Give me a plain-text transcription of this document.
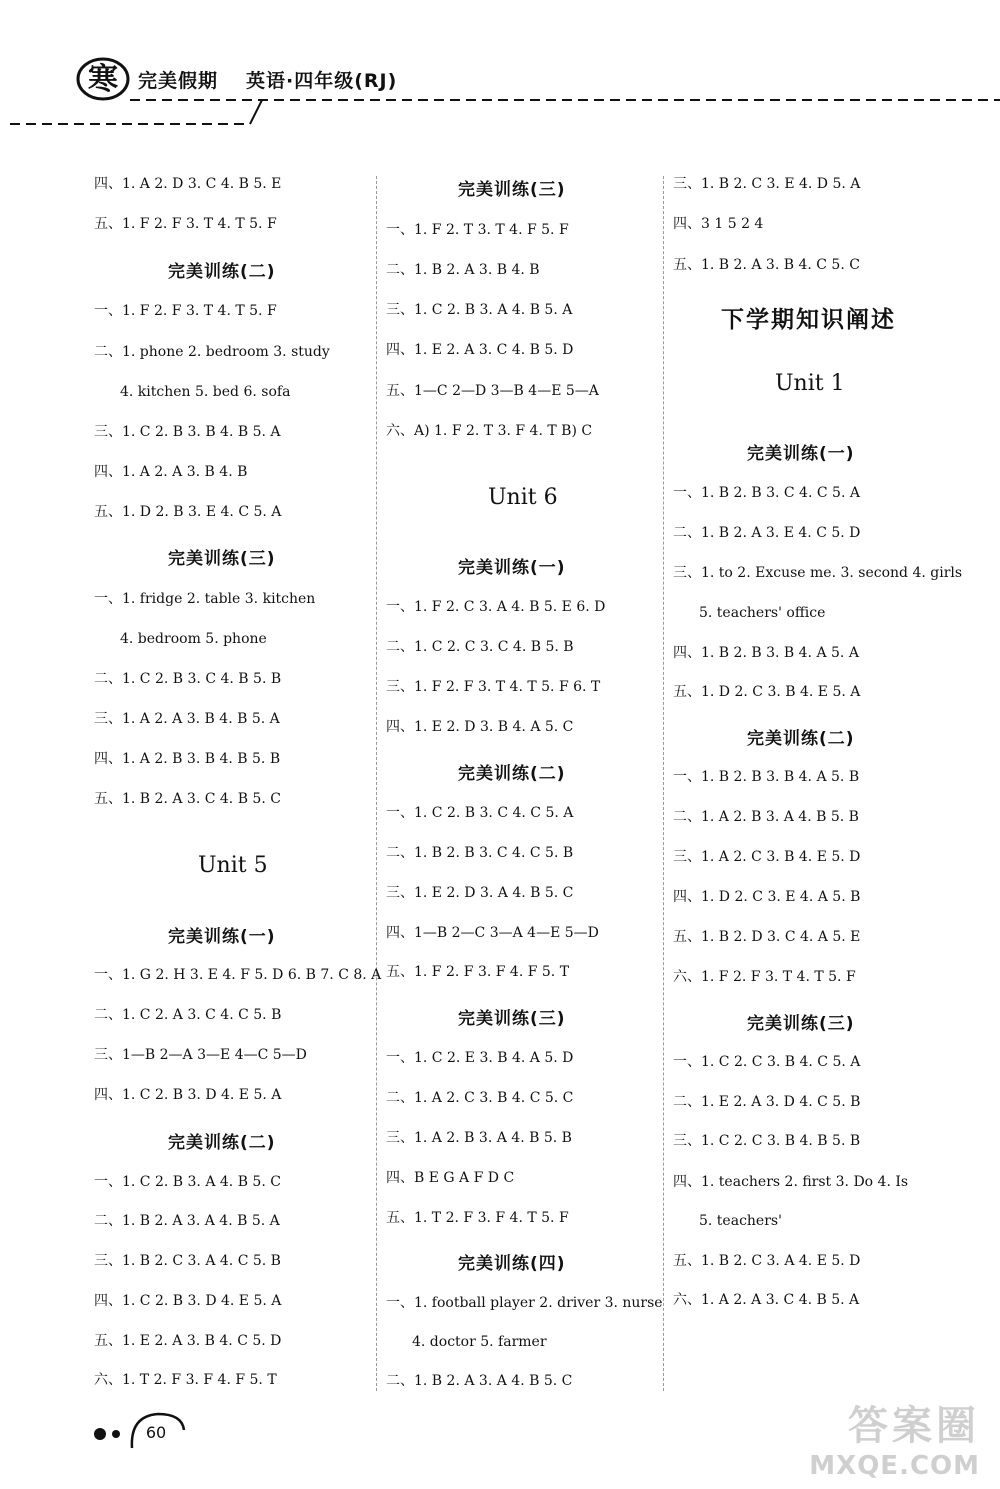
寒 完美假期 英语·四年级(RJ)
四、1. A 2. D 3. C 4. B 5. E
五、1. F 2. F 3. T 4. T 5. F
完美训练(二)
一、1. F 2. F 3. T 4. T 5. F
二、1. phone 2. bedroom 3. study
4. kitchen 5. bed 6. sofa
三、1. C 2. B 3. B 4. B 5. A
四、1. A 2. A 3. B 4. B
五、1. D 2. B 3. E 4. C 5. A
完美训练(三)
一、1. fridge 2. table 3. kitchen
4. bedroom 5. phone
二、1. C 2. B 3. C 4. B 5. B
三、1. A 2. A 3. B 4. B 5. A
四、1. A 2. B 3. B 4. B 5. B
五、1. B 2. A 3. C 4. B 5. C
Unit 5
完美训练(一)
一、1. G 2. H 3. E 4. F 5. D 6. B 7. C 8. A
二、1. C 2. A 3. C 4. C 5. B
三、1—B 2—A 3—E 4—C 5—D
四、1. C 2. B 3. D 4. E 5. A
完美训练(二)
一、1. C 2. B 3. A 4. B 5. C
二、1. B 2. A 3. A 4. B 5. A
三、1. B 2. C 3. A 4. C 5. B
四、1. C 2. B 3. D 4. E 5. A
五、1. E 2. A 3. B 4. C 5. D
六、1. T 2. F 3. F 4. F 5. T
完美训练(三)
一、1. F 2. T 3. T 4. F 5. F
二、1. B 2. A 3. B 4. B
三、1. C 2. B 3. A 4. B 5. A
四、1. E 2. A 3. C 4. B 5. D
五、1—C 2—D 3—B 4—E 5—A
六、A) 1. F 2. T 3. F 4. T B) C
Unit 6
完美训练(一)
一、1. F 2. C 3. A 4. B 5. E 6. D
二、1. C 2. C 3. C 4. B 5. B
三、1. F 2. F 3. T 4. T 5. F 6. T
四、1. E 2. D 3. B 4. A 5. C
完美训练(二)
一、1. C 2. B 3. C 4. C 5. A
二、1. B 2. B 3. C 4. C 5. B
三、1. E 2. D 3. A 4. B 5. C
四、1—B 2—C 3—A 4—E 5—D
五、1. F 2. F 3. F 4. F 5. T
完美训练(三)
一、1. C 2. E 3. B 4. A 5. D
二、1. A 2. C 3. B 4. C 5. C
三、1. A 2. B 3. A 4. B 5. B
四、B E G A F D C
五、1. T 2. F 3. F 4. T 5. F
完美训练(四)
一、1. football player 2. driver 3. nurse
4. doctor 5. farmer
二、1. B 2. A 3. A 4. B 5. C
三、1. B 2. C 3. E 4. D 5. A
四、3 1 5 2 4
五、1. B 2. A 3. B 4. C 5. C
下学期知识阐述
Unit 1
完美训练(一)
一、1. B 2. B 3. C 4. C 5. A
二、1. B 2. A 3. E 4. C 5. D
三、1. to 2. Excuse me. 3. second 4. girls
5. teachers' office
四、1. B 2. B 3. B 4. A 5. A
五、1. D 2. C 3. B 4. E 5. A
完美训练(二)
一、1. B 2. B 3. B 4. A 5. B
二、1. A 2. B 3. A 4. B 5. B
三、1. A 2. C 3. B 4. E 5. D
四、1. D 2. C 3. E 4. A 5. B
五、1. B 2. D 3. C 4. A 5. E
六、1. F 2. F 3. T 4. T 5. F
完美训练(三)
一、1. C 2. C 3. B 4. C 5. A
二、1. E 2. A 3. D 4. C 5. B
三、1. C 2. C 3. B 4. B 5. B
四、1. teachers 2. first 3. Do 4. Is
5. teachers'
五、1. B 2. C 3. A 4. E 5. D
六、1. A 2. A 3. C 4. B 5. A
60	答案圈
MXQE.COM
